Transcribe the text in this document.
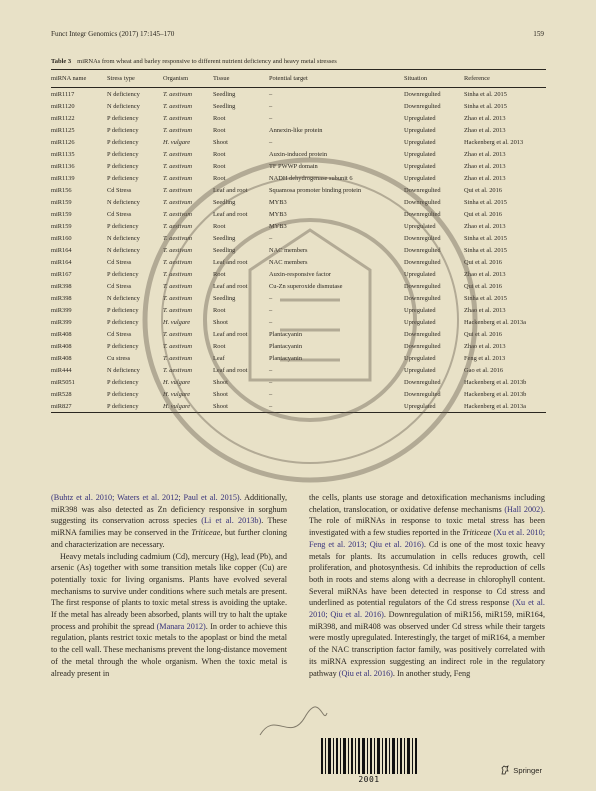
Funct Integr Genomics (2017) 17:145–170	159
Table 3 miRNAs from wheat and barley responsive to different nutrient deficiency and heavy metal stresses
miRNA name	Stress type	Organism	Tissue	Potential target	Situation	Reference
miR1117	N deficiency	T. aestivum	Seedling	–	Downregulted	Sinha et al. 2015
miR1120	N deficiency	T. aestivum	Seedling	–	Downregulted	Sinha et al. 2015
miR1122	P deficiency	T. aestivum	Root	–	Upregulated	Zhao et al. 2013
miR1125	P deficiency	T. aestivum	Root	Annexin-like protein	Upregulated	Zhao et al. 2013
miR1126	P deficiency	H. vulgare	Shoot	–	Upregulated	Hackenberg et al. 2013
miR1135	P deficiency	T. aestivum	Root	Auxin-induced protein	Upregulated	Zhao et al. 2013
miR1136	P deficiency	T. aestivum	Root	TF PWWP domain	Upregulated	Zhao et al. 2013
miR1139	P deficiency	T. aestivum	Root	NADH dehydrogenase subunit 6	Upregulated	Zhao et al. 2013
miR156	Cd Stress	T. aestivum	Leaf and root	Squamosa promoter binding protein	Downregulted	Qui et al. 2016
miR159	N deficiency	T. aestivum	Seedling	MYB3	Downregulted	Sinha et al. 2015
miR159	Cd Stress	T. aestivum	Leaf and root	MYB3	Downregulted	Qui et al. 2016
miR159	P deficiency	T. aestivum	Root	MYB3	Upregulated	Zhao et al. 2013
miR160	N deficiency	T. aestivum	Seedling	–	Downregulted	Sinha et al. 2015
miR164	N deficiency	T. aestivum	Seedling	NAC members	Downregulted	Sinha et al. 2015
miR164	Cd Stress	T. aestivum	Leaf and root	NAC members	Downregulted	Qui et al. 2016
miR167	P deficiency	T. aestivum	Root	Auxin-responsive factor	Upregulated	Zhao et al. 2013
miR398	Cd Stress	T. aestivum	Leaf and root	Cu-Zn superoxide dismutase	Downregulted	Qui et al. 2016
miR398	N deficiency	T. aestivum	Seedling	–	Downregulted	Sinha et al. 2015
miR399	P deficiency	T. aestivum	Root	–	Upregulated	Zhao et al. 2013
miR399	P deficiency	H. vulgare	Shoot	–	Upregulated	Hackenberg et al. 2013a
miR408	Cd Stress	T. aestivum	Leaf and root	Plantacyanin	Downregulted	Qui et al. 2016
miR408	P deficiency	T. aestivum	Root	Plantacyanin	Downregulted	Zhao et al. 2013
miR408	Cu stress	T. aestivum	Leaf	Plantacyanin	Upregulated	Feng et al. 2013
miR444	N deficiency	T. aestivum	Leaf and root	–	Upregulated	Gao et al. 2016
miR5051	P deficiency	H. vulgare	Shoot	–	Downregulted	Hackenberg et al. 2013b
miR528	P deficiency	H. vulgare	Shoot	–	Downregulted	Hackenberg et al. 2013b
miR827	P deficiency	H. vulgare	Shoot	–	Upregulated	Hackenberg et al. 2013a

(Buhtz et al. 2010; Waters et al. 2012; Paul et al. 2015). Additionally, miR398 was also detected as Zn deficiency responsive in sorghum suggesting its conservation across species (Li et al. 2013b). These miRNA families may be conserved in the Triticeae, but further cloning and characterization are necessary.

Heavy metals including cadmium (Cd), mercury (Hg), lead (Pb), and arsenic (As) together with some transition metals like copper (Cu) are potentially toxic for living organisms. Plants have evolved several mechanisms to survive under conditions where such metals are present. The first response of plants to toxic metal stress is avoiding the uptake. If the metal has already been absorbed, plants will try to halt the uptake process and prohibit the spread (Manara 2012). In order to achieve this regulation, plants restrict toxic metals to the apoplast or bind the metal to the cell wall. These mechanisms prevent the long-distance movement of the metal through the whole organism. When the toxic metal is already present in

the cells, plants use storage and detoxification mechanisms including chelation, translocation, or oxidative defense mechanisms (Hall 2002). The role of miRNAs in response to toxic metal stress has been investigated with a few studies reported in the Triticeae (Xu et al. 2010; Feng et al. 2013; Qiu et al. 2016). Cd is one of the most toxic heavy metals for plants. Its accumulation in cells reduces growth, cell proliferation, and photosynthesis. Cd inhibits the reproduction of cells both in roots and stems along with a decrease in chlorophyll content. Several miRNAs have been detected in response to Cd stress and underlined as potential regulators of the Cd stress response (Xu et al. 2010; Qiu et al. 2016). Downregulation of miR156, miR159, miR164, miR398, and miR408 was observed under Cd stress while their targets were mostly upregulated. Interestingly, the target of miR164, a member of the NAC transcription factor family, was positively correlated with its miRNA expression suggesting an indirect role in the regulatory pathway (Qiu et al. 2016). In another study, Feng

2001
Springer
